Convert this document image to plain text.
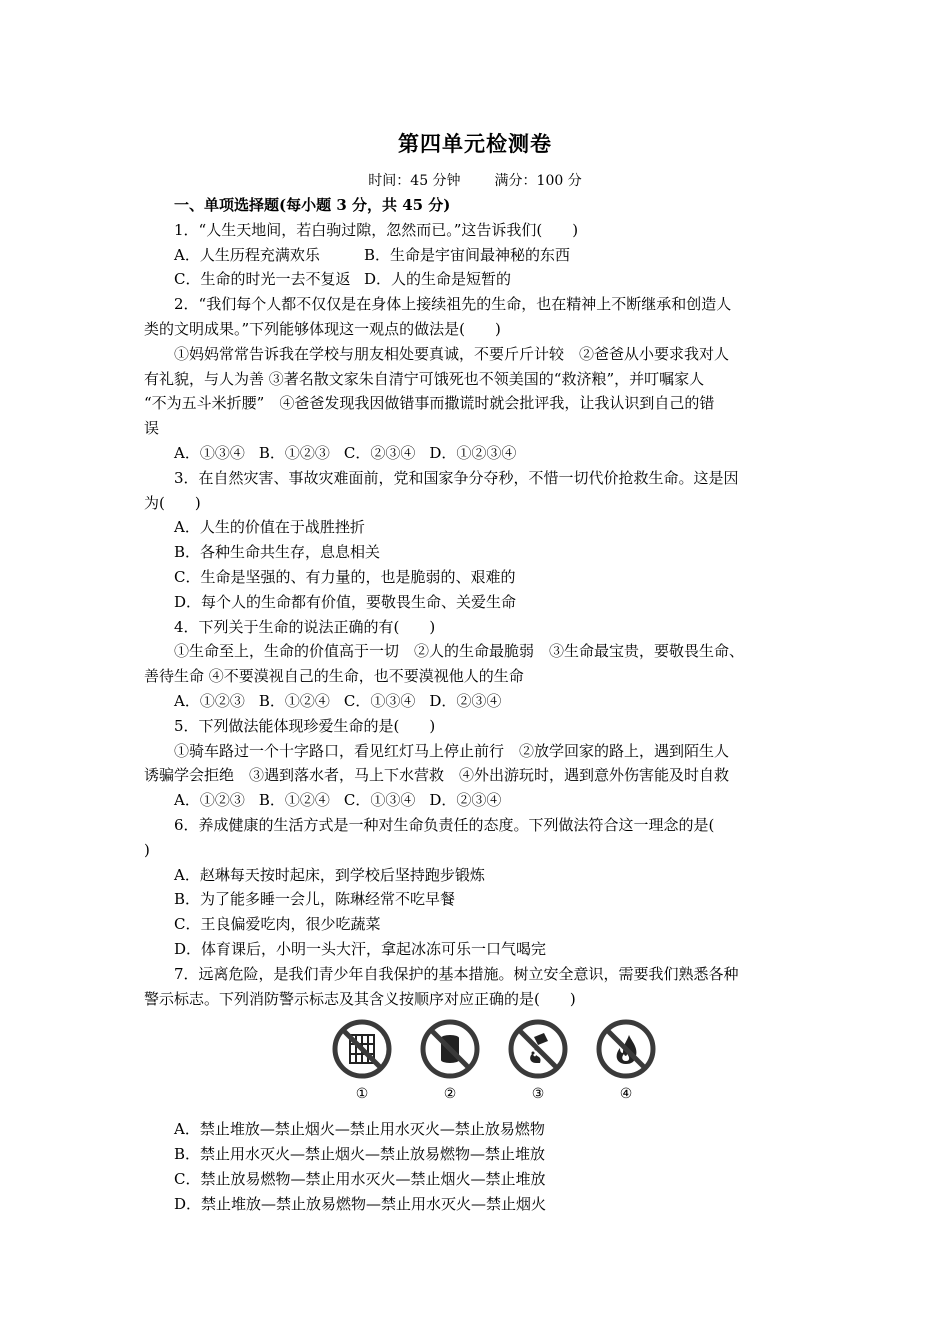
第四单元检测卷
时间：45 分钟 满分：100 分
一、单项选择题(每小题 3 分，共 45 分)
1．“人生天地间，若白驹过隙，忽然而已。”这告诉我们(　　)
A．人生历程充满欢乐	B．生命是宇宙间最神秘的东西
C．生命的时光一去不复返 D．人的生命是短暂的
2．“我们每个人都不仅仅是在身体上接续祖先的生命，也在精神上不断继承和创造人
类的文明成果。”下列能够体现这一观点的做法是(　　)
①妈妈常常告诉我在学校与朋友相处要真诚，不要斤斤计较　②爸爸从小要求我对人
有礼貌，与人为善 ③著名散文家朱自清宁可饿死也不领美国的“救济粮”，并叮嘱家人
“不为五斗米折腰”　④爸爸发现我因做错事而撒谎时就会批评我，让我认识到自己的错
误
A．①③④ B．①②③ C．②③④ D．①②③④
3．在自然灾害、事故灾难面前，党和国家争分夺秒，不惜一切代价抢救生命。这是因
为(　　)
A．人生的价值在于战胜挫折
B．各种生命共生存，息息相关
C．生命是坚强的、有力量的，也是脆弱的、艰难的
D．每个人的生命都有价值，要敬畏生命、关爱生命
4．下列关于生命的说法正确的有(　　)
①生命至上，生命的价值高于一切　②人的生命最脆弱　③生命最宝贵，要敬畏生命、
善待生命 ④不要漠视自己的生命，也不要漠视他人的生命
A．①②③ B．①②④ C．①③④ D．②③④
5．下列做法能体现珍爱生命的是(　　)
①骑车路过一个十字路口，看见红灯马上停止前行　②放学回家的路上，遇到陌生人
诱骗学会拒绝　③遇到落水者，马上下水营救　④外出游玩时，遇到意外伤害能及时自救
A．①②③ B．①②④ C．①③④ D．②③④
6．养成健康的生活方式是一种对生命负责任的态度。下列做法符合这一理念的是(
)
A．赵琳每天按时起床，到学校后坚持跑步锻炼
B．为了能多睡一会儿，陈琳经常不吃早餐
C．王良偏爱吃肉，很少吃蔬菜
D．体育课后，小明一头大汗，拿起冰冻可乐一口气喝完
7．远离危险，是我们青少年自我保护的基本措施。树立安全意识，需要我们熟悉各种
警示标志。下列消防警示标志及其含义按顺序对应正确的是(　　)
①	②	③	④
A．禁止堆放—禁止烟火—禁止用水灭火—禁止放易燃物
B．禁止用水灭火—禁止烟火—禁止放易燃物—禁止堆放
C．禁止放易燃物—禁止用水灭火—禁止烟火—禁止堆放
D．禁止堆放—禁止放易燃物—禁止用水灭火—禁止烟火
